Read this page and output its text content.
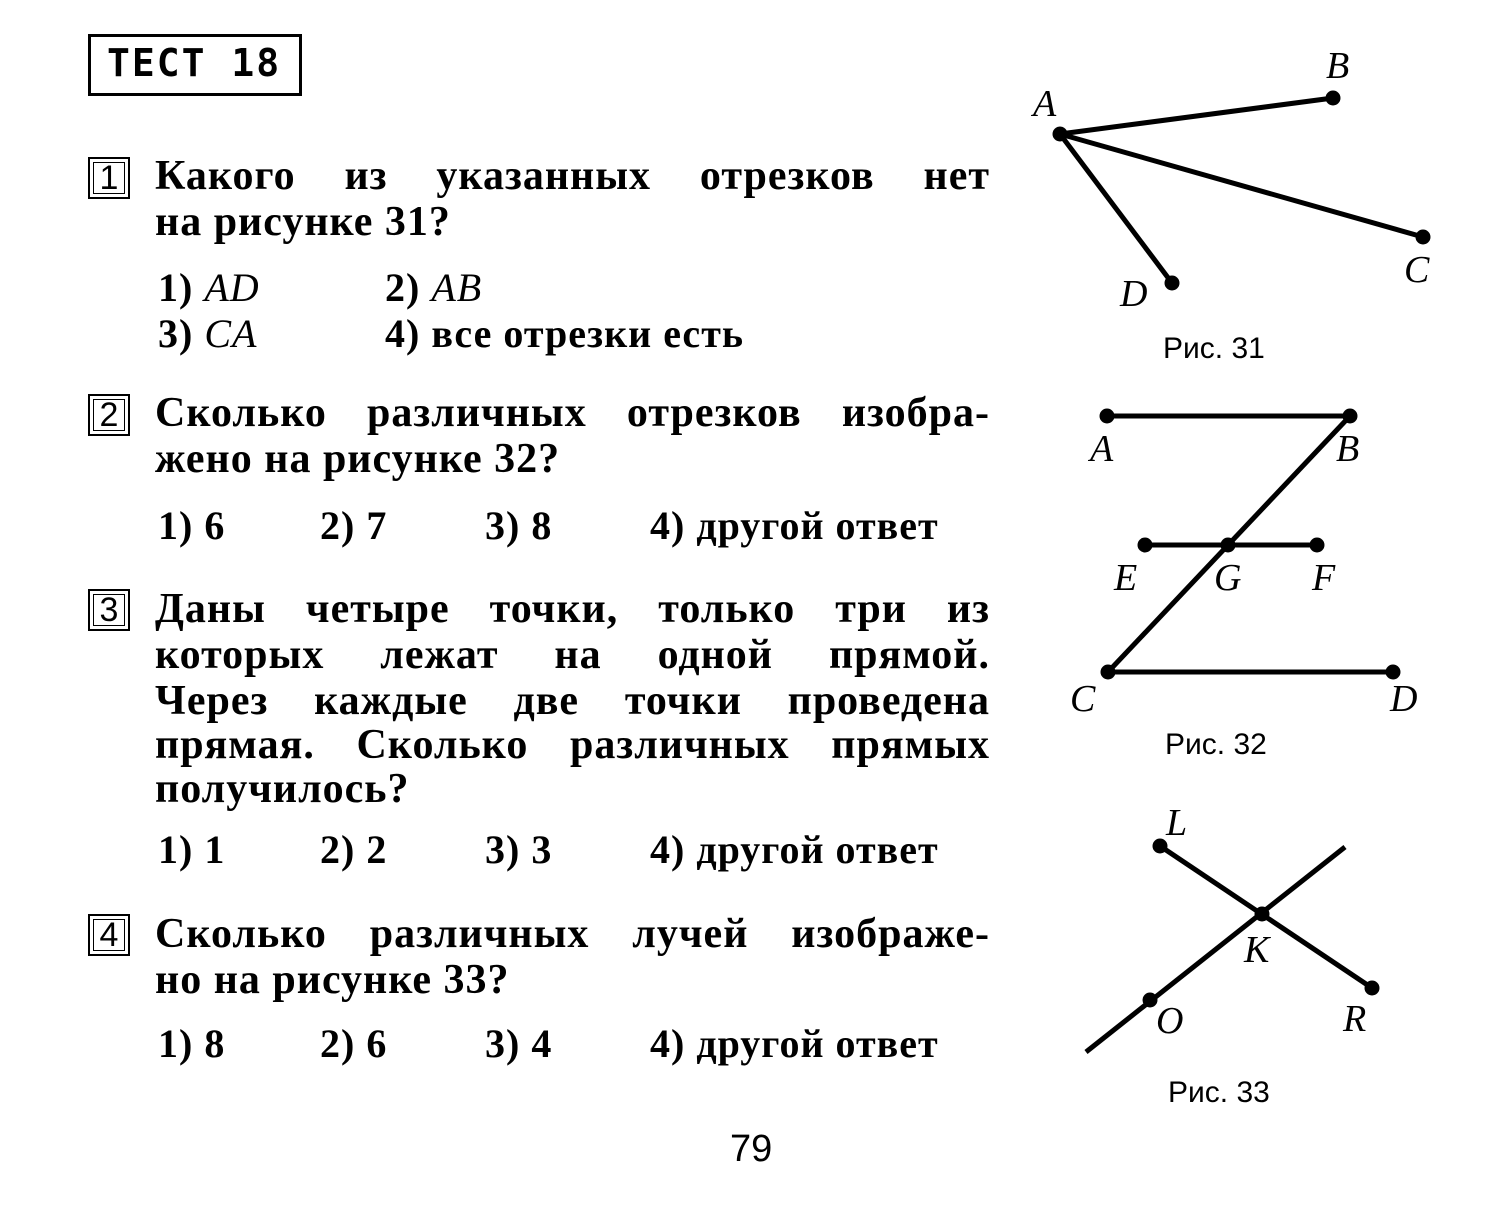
ТЕСТ 18
1 Какого из указанных отрезков нет
на рисунке 31?
1) AD	2) AB
3) CA	4) все отрезки есть
2 Сколько различных отрезков изобра-
жено на рисунке 32?
1) 6 2) 7 3) 8 4) другой ответ
3 Даны четыре точки, только три из
которых лежат на одной прямой.
Через каждые две точки проведена
прямая. Сколько различных прямых
получилось?
1) 1 2) 2 3) 3 4) другой ответ
4 Сколько различных лучей изображе-
но на рисунке 33?
1) 8 2) 6 3) 4 4) другой ответ
A
B
C
D
A	B
E G F
C	D
L
K
O	R
Рис. 31
Рис. 32
Рис. 33
79
